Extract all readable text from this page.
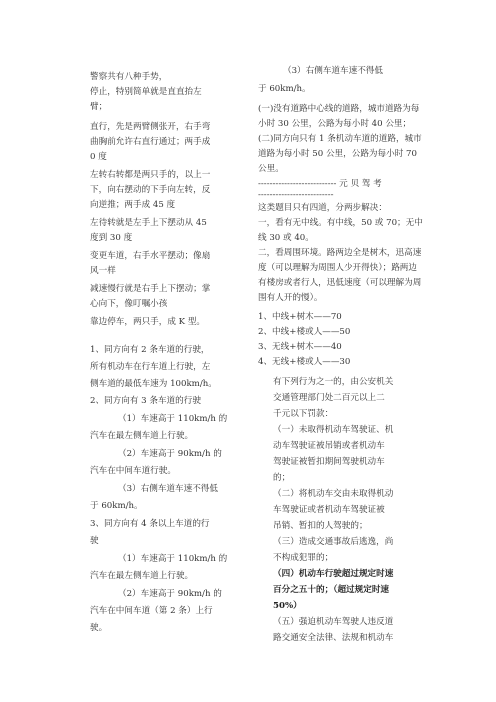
警察共有八种手势，
停止，特别简单就是直直抬左
臂；
直行，先是两臂侧张开，右手弯
曲胸前允许右直行通过；两手成
0 度
左转右转都是两只手的，以上一
下，向右摆动的下手向左转，反
向逆推；两手成 45 度
左待转就是左手上下摆动从 45
度到 30 度
变更车道，右手水平摆动；像扇
风一样
减速慢行就是右手上下摆动；掌
心向下，像叮嘱小孩
靠边停车，两只手，成 K 型。
1、同方向有 2 条车道的行驶，
所有机动车在行车道上行驶，左
侧车道的最低车速为 100km/h。
2、同方向有 3 条车道的行驶
（1）车速高于 110km/h 的
汽车在最左侧车道上行驶。
（2）车速高于 90km/h 的
汽车在中间车道行驶。
（3）右侧车道车速不得低
于 60km/h。
3、同方向有 4 条以上车道的行
驶
（1）车速高于 110km/h 的
汽车在最左侧车道上行驶。
（2）车速高于 90km/h 的
汽车在中间车道（第 2 条）上行
驶。
（3）右侧车道车速不得低
于 60km/h。
(一)没有道路中心线的道路，城市道路为每
小时 30 公里，公路为每小时 40 公里；
(二)同方向只有 1 条机动车道的道路，城市
道路为每小时 50 公里，公路为每小时 70
公里。
--------------------------- 元 贝 驾 考
--------------------------
这类题目只有四道，分两步解决：
一，看有无中线。有中线，50 或 70；无中
线 30 或 40。
二，看周围环境。路两边全是树木，迅高速
度（可以理解为周围人少开得快）；路两边
有楼房或者行人，迅低速度（可以理解为周
围有人开的慢）。
1、中线+树木——70
2、中线+楼或人——50
3、无线+树木——40
4、无线+楼或人——30
有下列行为之一的，由公安机关
交通管理部门处二百元以上二
千元以下罚款：
（一）未取得机动车驾驶证、机
动车驾驶证被吊销或者机动车
驾驶证被暂扣期间驾驶机动车
的；
（二）将机动车交由未取得机动
车驾驶证或者机动车驾驶证被
吊销、暂扣的人驾驶的；
（三）造成交通事故后逃逸，尚
不构成犯罪的；
（四）机动车行驶超过规定时速
百分之五十的；（超过规定时速
50%）
（五）强迫机动车驾驶人违反道
路交通安全法律、法规和机动车
